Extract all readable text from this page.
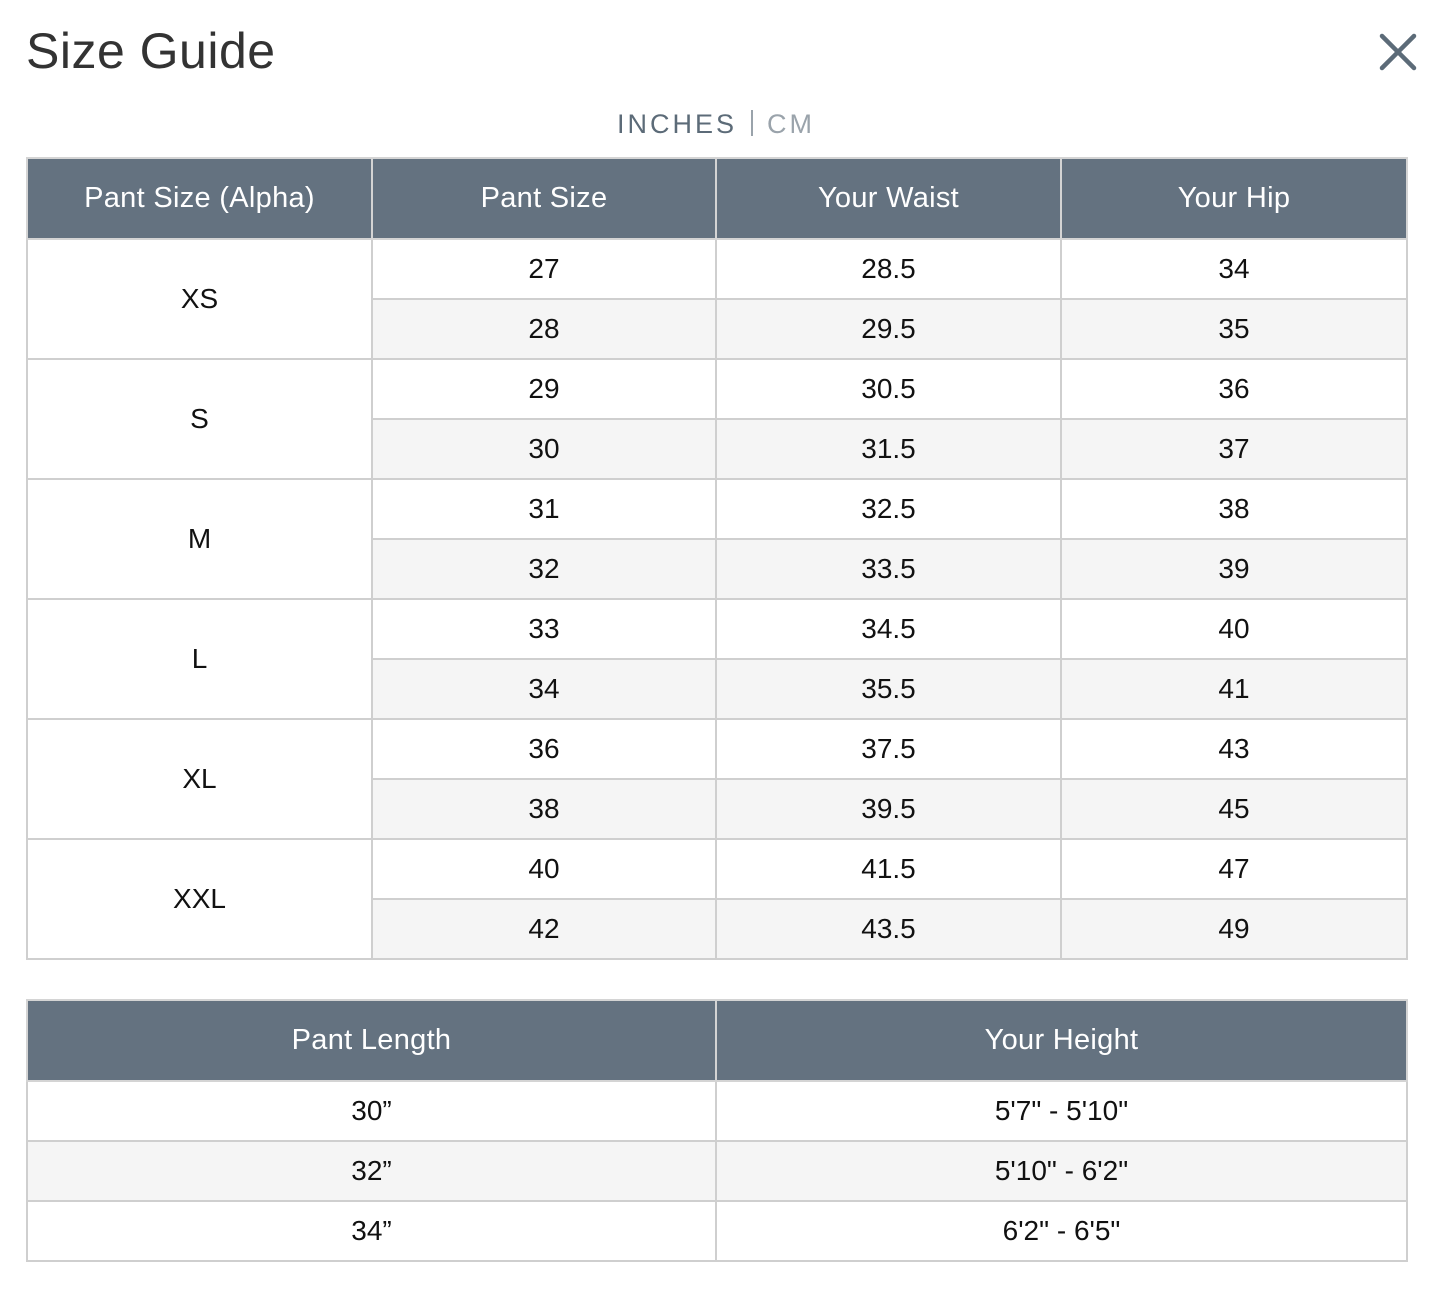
Size Guide
INCHES CM
Pant Size (Alpha)	Pant Size	Your Waist	Your Hip
XS	27	28.5	34
	28	29.5	35
S	29	30.5	36
	30	31.5	37
M	31	32.5	38
	32	33.5	39
L	33	34.5	40
	34	35.5	41
XL	36	37.5	43
	38	39.5	45
XXL	40	41.5	47
	42	43.5	49
Pant Length	Your Height
30”	5'7" - 5'10"
32”	5'10" - 6'2"
34”	6'2" - 6'5"
